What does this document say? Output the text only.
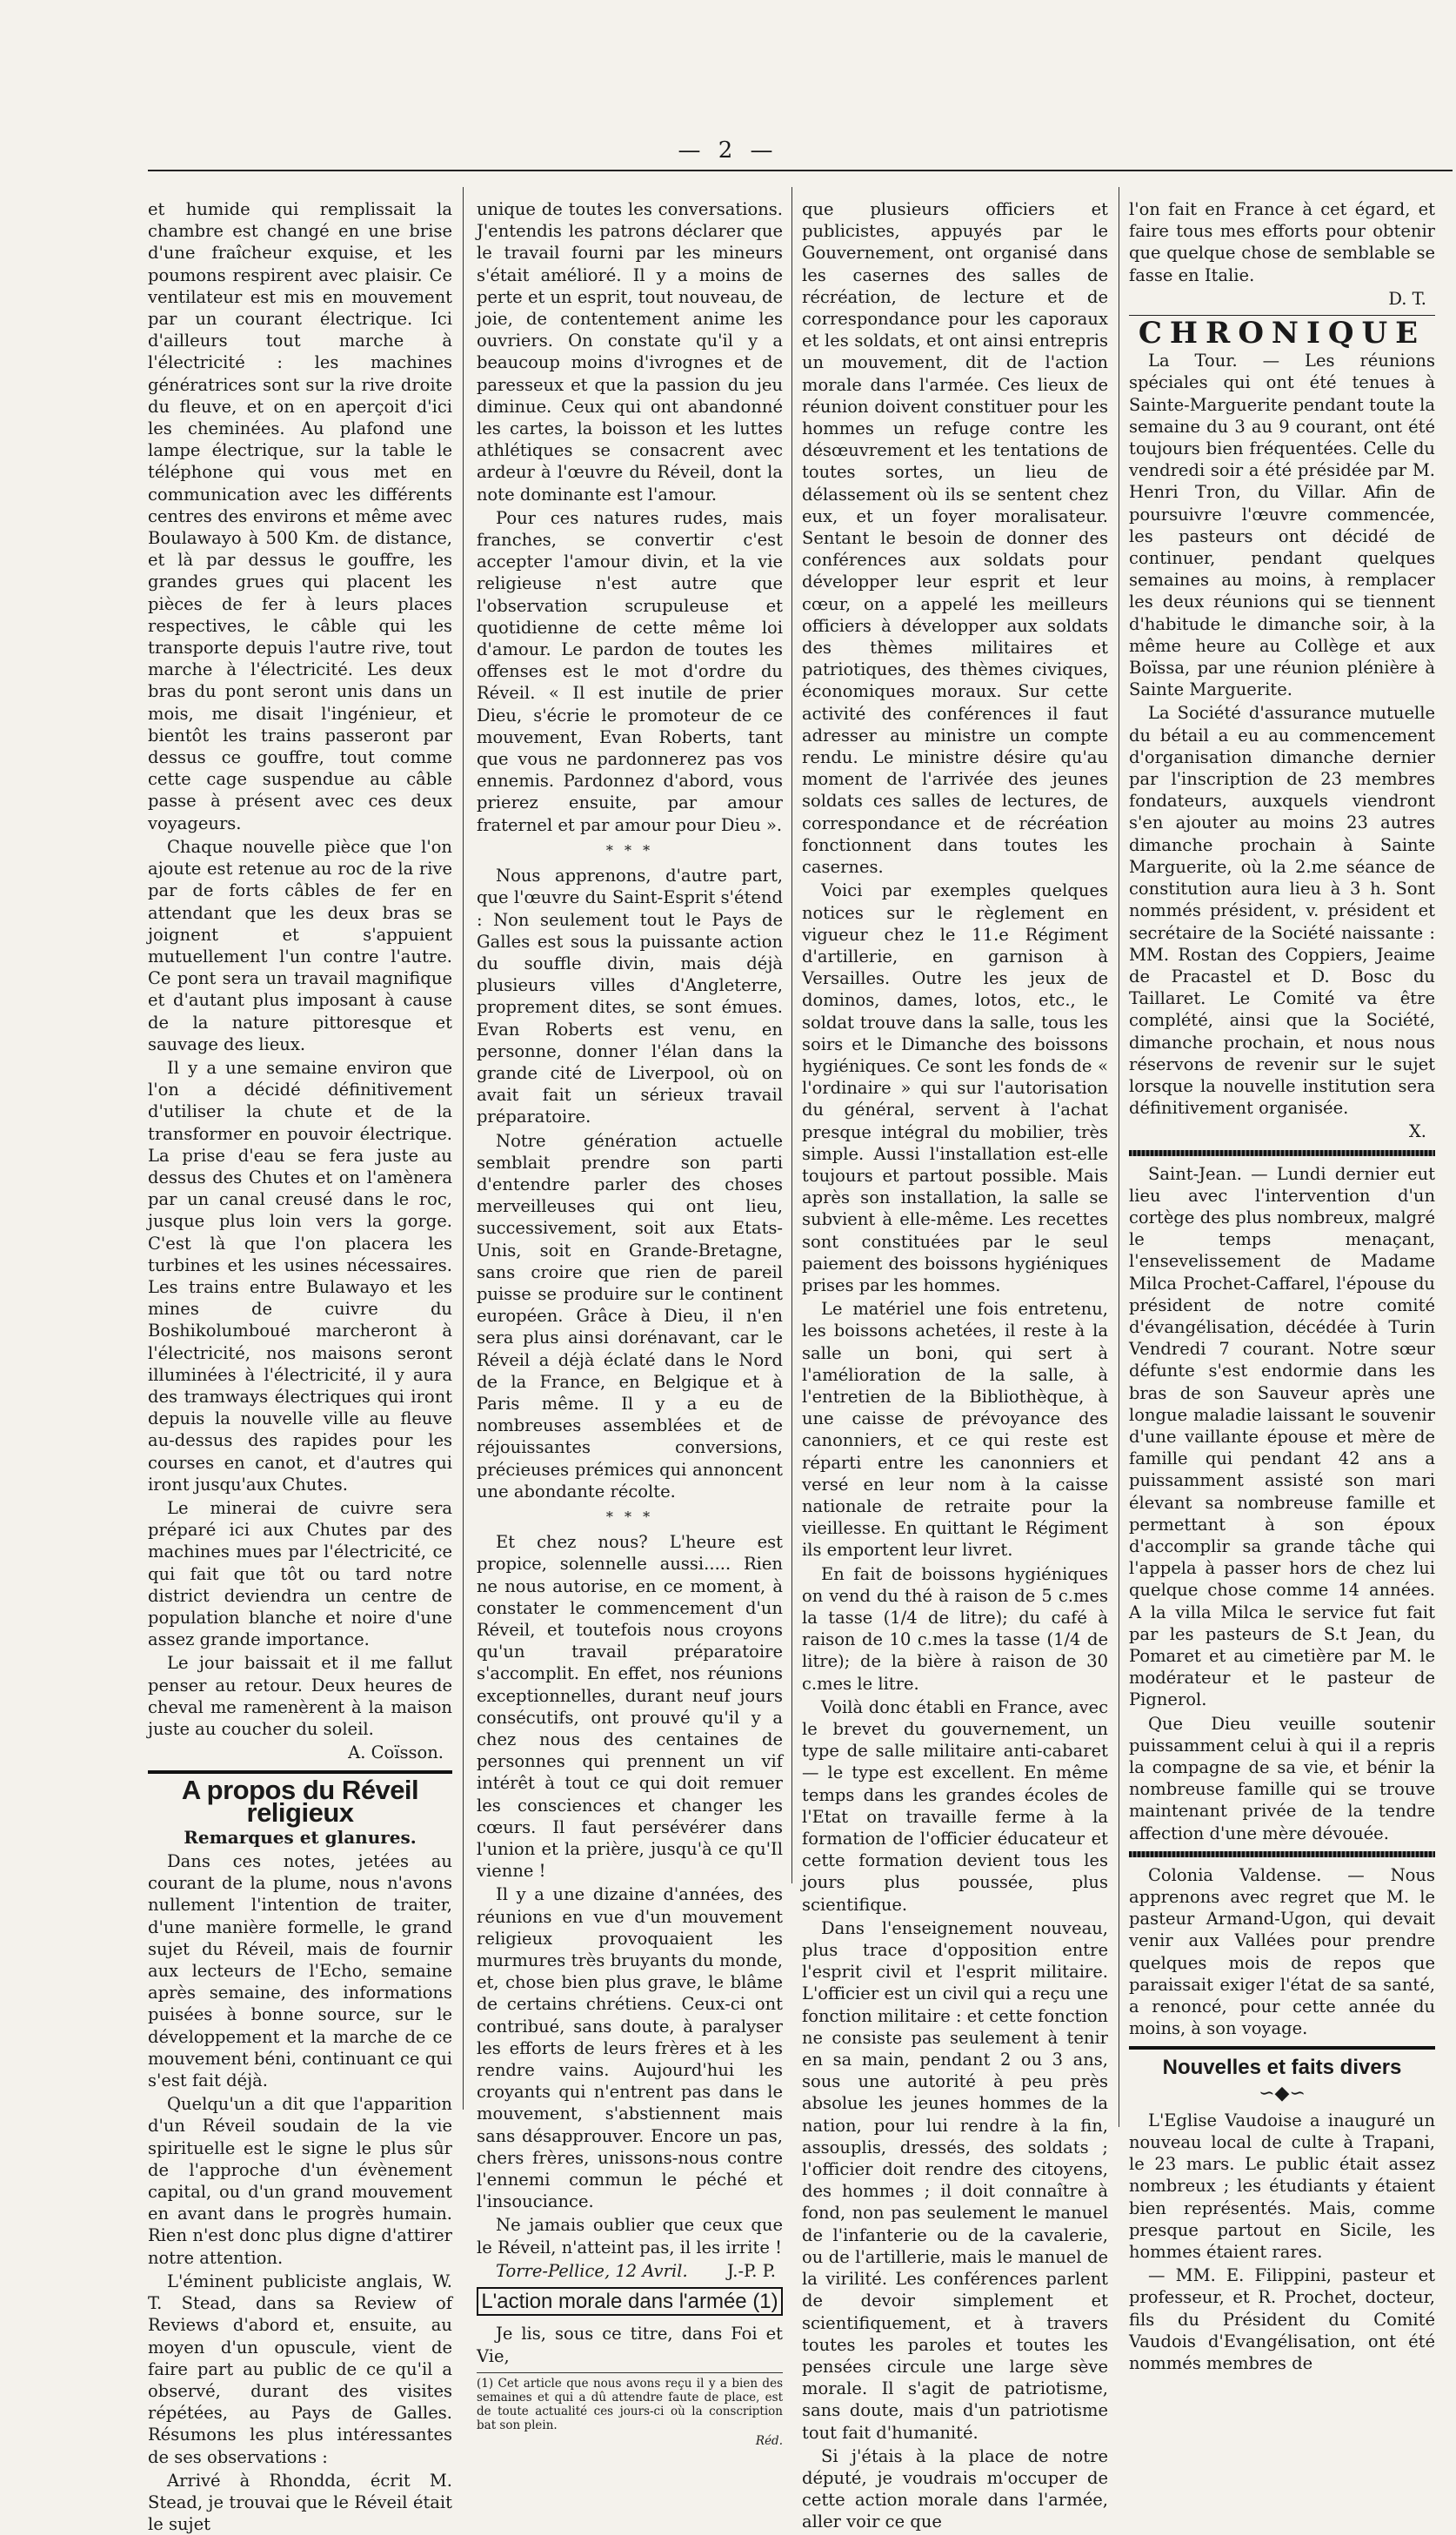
— 2 —

et humide qui remplissait la chambre est changé en une brise d'une fraîcheur exquise, et les poumons respirent avec plaisir. Ce ventilateur est mis en mouvement par un courant électrique. Ici d'ailleurs tout marche à l'électricité : les machines génératrices sont sur la rive droite du fleuve, et on en aperçoit d'ici les cheminées. Au plafond une lampe électrique, sur la table le téléphone qui vous met en communication avec les différents centres des environs et même avec Boulawayo à 500 Km. de distance, et là par dessus le gouffre, les grandes grues qui placent les pièces de fer à leurs places respectives, le câble qui les transporte depuis l'autre rive, tout marche à l'électricité. Les deux bras du pont seront unis dans un mois, me disait l'ingénieur, et bientôt les trains passeront par dessus ce gouffre, tout comme cette cage suspendue au câble passe à présent avec ces deux voyageurs.

Chaque nouvelle pièce que l'on ajoute est retenue au roc de la rive par de forts câbles de fer en attendant que les deux bras se joignent et s'appuient mutuellement l'un contre l'autre. Ce pont sera un travail magnifique et d'autant plus imposant à cause de la nature pittoresque et sauvage des lieux.

Il y a une semaine environ que l'on a décidé définitivement d'utiliser la chute et de la transformer en pouvoir électrique. La prise d'eau se fera juste au dessus des Chutes et on l'amènera par un canal creusé dans le roc, jusque plus loin vers la gorge. C'est là que l'on placera les turbines et les usines nécessaires. Les trains entre Bulawayo et les mines de cuivre du Boshikolumboué marcheront à l'électricité, nos maisons seront illuminées à l'électricité, il y aura des tramways électriques qui iront depuis la nouvelle ville au fleuve au-dessus des rapides pour les courses en canot, et d'autres qui iront jusqu'aux Chutes.

Le minerai de cuivre sera préparé ici aux Chutes par des machines mues par l'électricité, ce qui fait que tôt ou tard notre district deviendra un centre de population blanche et noire d'une assez grande importance.

Le jour baissait et il me fallut penser au retour. Deux heures de cheval me ramenèrent à la maison juste au coucher du soleil.

A. Coïsson.
A propos du Réveil religieux
Remarques et glanures.

Dans ces notes, jetées au courant de la plume, nous n'avons nullement l'intention de traiter, d'une manière formelle, le grand sujet du Réveil, mais de fournir aux lecteurs de l'Echo, semaine après semaine, des informations puisées à bonne source, sur le développement et la marche de ce mouvement béni, continuant ce qui s'est fait déjà.

Quelqu'un a dit que l'apparition d'un Réveil soudain de la vie spirituelle est le signe le plus sûr de l'approche d'un évènement capital, ou d'un grand mouvement en avant dans le progrès humain. Rien n'est donc plus digne d'attirer notre attention.

L'éminent publiciste anglais, W. T. Stead, dans sa Review of Reviews d'abord et, ensuite, au moyen d'un opuscule, vient de faire part au public de ce qu'il a observé, durant des visites répétées, au Pays de Galles. Résumons les plus intéressantes de ses observations :

Arrivé à Rhondda, écrit M. Stead, je trouvai que le Réveil était le sujet

unique de toutes les conversations. J'entendis les patrons déclarer que le travail fourni par les mineurs s'était amélioré. Il y a moins de perte et un esprit, tout nouveau, de joie, de contentement anime les ouvriers. On constate qu'il y a beaucoup moins d'ivrognes et de paresseux et que la passion du jeu diminue. Ceux qui ont abandonné les cartes, la boisson et les luttes athlétiques se consacrent avec ardeur à l'œuvre du Réveil, dont la note dominante est l'amour.

Pour ces natures rudes, mais franches, se convertir c'est accepter l'amour divin, et la vie religieuse n'est autre que l'observation scrupuleuse et quotidienne de cette même loi d'amour. Le pardon de toutes les offenses est le mot d'ordre du Réveil. « Il est inutile de prier Dieu, s'écrie le promoteur de ce mouvement, Evan Roberts, tant que vous ne pardonnerez pas vos ennemis. Pardonnez d'abord, vous prierez ensuite, par amour fraternel et par amour pour Dieu ».

* * *

Nous apprenons, d'autre part, que l'œuvre du Saint-Esprit s'étend : Non seulement tout le Pays de Galles est sous la puissante action du souffle divin, mais déjà plusieurs villes d'Angleterre, proprement dites, se sont émues. Evan Roberts est venu, en personne, donner l'élan dans la grande cité de Liverpool, où on avait fait un sérieux travail préparatoire.

Notre génération actuelle semblait prendre son parti d'entendre parler des choses merveilleuses qui ont lieu, successivement, soit aux Etats-Unis, soit en Grande-Bretagne, sans croire que rien de pareil puisse se produire sur le continent européen. Grâce à Dieu, il n'en sera plus ainsi dorénavant, car le Réveil a déjà éclaté dans le Nord de la France, en Belgique et à Paris même. Il y a eu de nombreuses assemblées et de réjouissantes conversions, précieuses prémices qui annoncent une abondante récolte.

* * *

Et chez nous? L'heure est propice, solennelle aussi..... Rien ne nous autorise, en ce moment, à constater le commencement d'un Réveil, et toutefois nous croyons qu'un travail préparatoire s'accomplit. En effet, nos réunions exceptionnelles, durant neuf jours consécutifs, ont prouvé qu'il y a chez nous des centaines de personnes qui prennent un vif intérêt à tout ce qui doit remuer les consciences et changer les cœurs. Il faut persévérer dans l'union et la prière, jusqu'à ce qu'Il vienne !

Il y a une dizaine d'années, des réunions en vue d'un mouvement religieux provoquaient les murmures très bruyants du monde, et, chose bien plus grave, le blâme de certains chrétiens. Ceux-ci ont contribué, sans doute, à paralyser les efforts de leurs frères et à les rendre vains. Aujourd'hui les croyants qui n'entrent pas dans le mouvement, s'abstiennent mais sans désapprouver. Encore un pas, chers frères, unissons-nous contre l'ennemi commun le péché et l'insouciance.

Ne jamais oublier que ceux que le Réveil, n'atteint pas, il les irrite !

Torre-Pellice, 12 Avril. J.-P. P.
L'action morale dans l'armée (1)

Je lis, sous ce titre, dans Foi et Vie,

(1) Cet article que nous avons reçu il y a bien des semaines et qui a dû attendre faute de place, est de toute actualité ces jours-ci où la conscription bat son plein.

Réd.

que plusieurs officiers et publicistes, appuyés par le Gouvernement, ont organisé dans les casernes des salles de récréation, de lecture et de correspondance pour les caporaux et les soldats, et ont ainsi entrepris un mouvement, dit de l'action morale dans l'armée. Ces lieux de réunion doivent constituer pour les hommes un refuge contre les désœuvrement et les tentations de toutes sortes, un lieu de délassement où ils se sentent chez eux, et un foyer moralisateur. Sentant le besoin de donner des conférences aux soldats pour développer leur esprit et leur cœur, on a appelé les meilleurs officiers à développer aux soldats des thèmes militaires et patriotiques, des thèmes civiques, économiques moraux. Sur cette activité des conférences il faut adresser au ministre un compte rendu. Le ministre désire qu'au moment de l'arrivée des jeunes soldats ces salles de lectures, de correspondance et de récréation fonctionnent dans toutes les casernes.

Voici par exemples quelques notices sur le règlement en vigueur chez le 11.e Régiment d'artillerie, en garnison à Versailles. Outre les jeux de dominos, dames, lotos, etc., le soldat trouve dans la salle, tous les soirs et le Dimanche des boissons hygiéniques. Ce sont les fonds de « l'ordinaire » qui sur l'autorisation du général, servent à l'achat presque intégral du mobilier, très simple. Aussi l'installation est-elle toujours et partout possible. Mais après son installation, la salle se subvient à elle-même. Les recettes sont constituées par le seul paiement des boissons hygiéniques prises par les hommes.

Le matériel une fois entretenu, les boissons achetées, il reste à la salle un boni, qui sert à l'amélioration de la salle, à l'entretien de la Bibliothèque, à une caisse de prévoyance des canonniers, et ce qui reste est réparti entre les canonniers et versé en leur nom à la caisse nationale de retraite pour la vieillesse. En quittant le Régiment ils emportent leur livret.

En fait de boissons hygiéniques on vend du thé à raison de 5 c.mes la tasse (1/4 de litre); du café à raison de 10 c.mes la tasse (1/4 de litre); de la bière à raison de 30 c.mes le litre.

Voilà donc établi en France, avec le brevet du gouvernement, un type de salle militaire anti-cabaret — le type est excellent. En même temps dans les grandes écoles de l'Etat on travaille ferme à la formation de l'officier éducateur et cette formation devient tous les jours plus poussée, plus scientifique.

Dans l'enseignement nouveau, plus trace d'opposition entre l'esprit civil et l'esprit militaire. L'officier est un civil qui a reçu une fonction militaire : et cette fonction ne consiste pas seulement à tenir en sa main, pendant 2 ou 3 ans, sous une autorité à peu près absolue les jeunes hommes de la nation, pour lui rendre à la fin, assouplis, dressés, des soldats ; l'officier doit rendre des citoyens, des hommes ; il doit connaître à fond, non pas seulement le manuel de l'infanterie ou de la cavalerie, ou de l'artillerie, mais le manuel de la virilité. Les conférences parlent de devoir simplement et scientifiquement, et à travers toutes les paroles et toutes les pensées circule une large sève morale. Il s'agit de patriotisme, sans doute, mais d'un patriotisme tout fait d'humanité.

Si j'étais à la place de notre député, je voudrais m'occuper de cette action morale dans l'armée, aller voir ce que

l'on fait en France à cet égard, et faire tous mes efforts pour obtenir que quelque chose de semblable se fasse en Italie.

D. T.
CHRONIQUE

La Tour. — Les réunions spéciales qui ont été tenues à Sainte-Marguerite pendant toute la semaine du 3 au 9 courant, ont été toujours bien fréquentées. Celle du vendredi soir a été présidée par M. Henri Tron, du Villar. Afin de poursuivre l'œuvre commencée, les pasteurs ont décidé de continuer, pendant quelques semaines au moins, à remplacer les deux réunions qui se tiennent d'habitude le dimanche soir, à la même heure au Collège et aux Boïssa, par une réunion plénière à Sainte Marguerite.

La Société d'assurance mutuelle du bétail a eu au commencement d'organisation dimanche dernier par l'inscription de 23 membres fondateurs, auxquels viendront s'en ajouter au moins 23 autres dimanche prochain à Sainte Marguerite, où la 2.me séance de constitution aura lieu à 3 h. Sont nommés président, v. président et secrétaire de la Société naissante : MM. Rostan des Coppiers, Jeaime de Pracastel et D. Bosc du Taillaret. Le Comité va être complété, ainsi que la Société, dimanche prochain, et nous nous réservons de revenir sur le sujet lorsque la nouvelle institution sera définitivement organisée.

X.

Saint-Jean. — Lundi dernier eut lieu avec l'intervention d'un cortège des plus nombreux, malgré le temps menaçant, l'ensevelissement de Madame Milca Prochet-Caffarel, l'épouse du président de notre comité d'évangélisation, décédée à Turin Vendredi 7 courant. Notre sœur défunte s'est endormie dans les bras de son Sauveur après une longue maladie laissant le souvenir d'une vaillante épouse et mère de famille qui pendant 42 ans a puissamment assisté son mari élevant sa nombreuse famille et permettant à son époux d'accomplir sa grande tâche qui l'appela à passer hors de chez lui quelque chose comme 14 années. A la villa Milca le service fut fait par les pasteurs de S.t Jean, du Pomaret et au cimetière par M. le modérateur et le pasteur de Pignerol.

Que Dieu veuille soutenir puissamment celui à qui il a repris la compagne de sa vie, et bénir la nombreuse famille qui se trouve maintenant privée de la tendre affection d'une mère dévouée.

Colonia Valdense. — Nous apprenons avec regret que M. le pasteur Armand-Ugon, qui devait venir aux Vallées pour prendre quelques mois de repos que paraissait exiger l'état de sa santé, a renoncé, pour cette année du moins, à son voyage.

Nouvelles et faits divers
∽◆∽

L'Eglise Vaudoise a inauguré un nouveau local de culte à Trapani, le 23 mars. Le public était assez nombreux ; les étudiants y étaient bien représentés. Mais, comme presque partout en Sicile, les hommes étaient rares.

— MM. E. Filippini, pasteur et professeur, et R. Prochet, docteur, fils du Président du Comité Vaudois d'Evangélisation, ont été nommés membres de
